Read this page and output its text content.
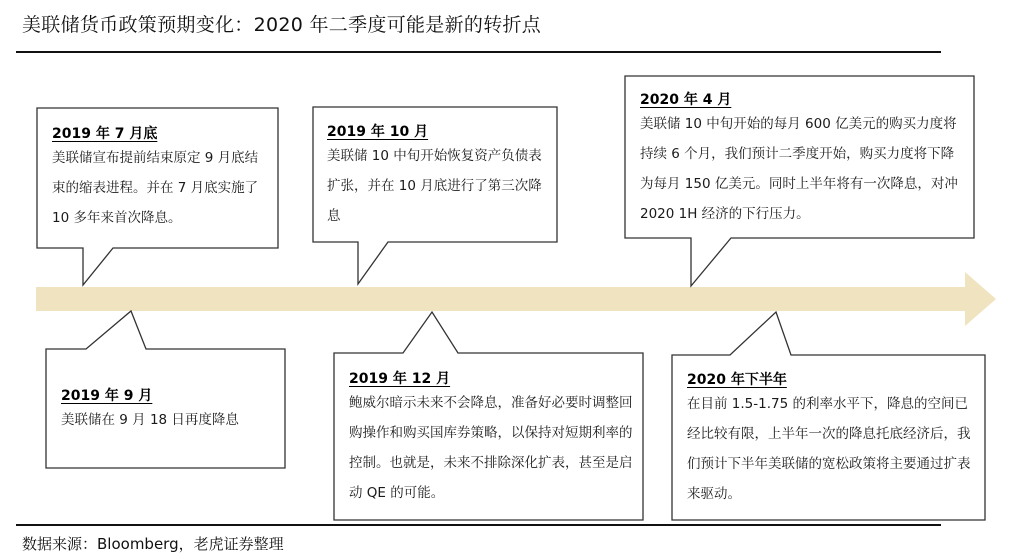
美联储货币政策预期变化：2020 年二季度可能是新的转折点
2019 年 7 月底
美联储宣布提前结束原定 9 月底结束的缩表进程。并在 7 月底实施了 10 多年来首次降息。
2019 年 10 月
美联储 10 中旬开始恢复资产负债表扩张，并在 10 月底进行了第三次降息
2020 年 4 月
美联储 10 中旬开始的每月 600 亿美元的购买力度将持续 6 个月，我们预计二季度开始，购买力度将下降为每月 150 亿美元。同时上半年将有一次降息，对冲 2020 1H 经济的下行压力。
2019 年 9 月
美联储在 9 月 18 日再度降息
2019 年 12 月
鲍威尔暗示未来不会降息，准备好必要时调整回购操作和购买国库券策略，以保持对短期利率的控制。也就是，未来不排除深化扩表，甚至是启动 QE 的可能。
2020 年下半年
在目前 1.5-1.75 的利率水平下，降息的空间已经比较有限，上半年一次的降息托底经济后，我们预计下半年美联储的宽松政策将主要通过扩表来驱动。
数据来源：Bloomberg，老虎证券整理
